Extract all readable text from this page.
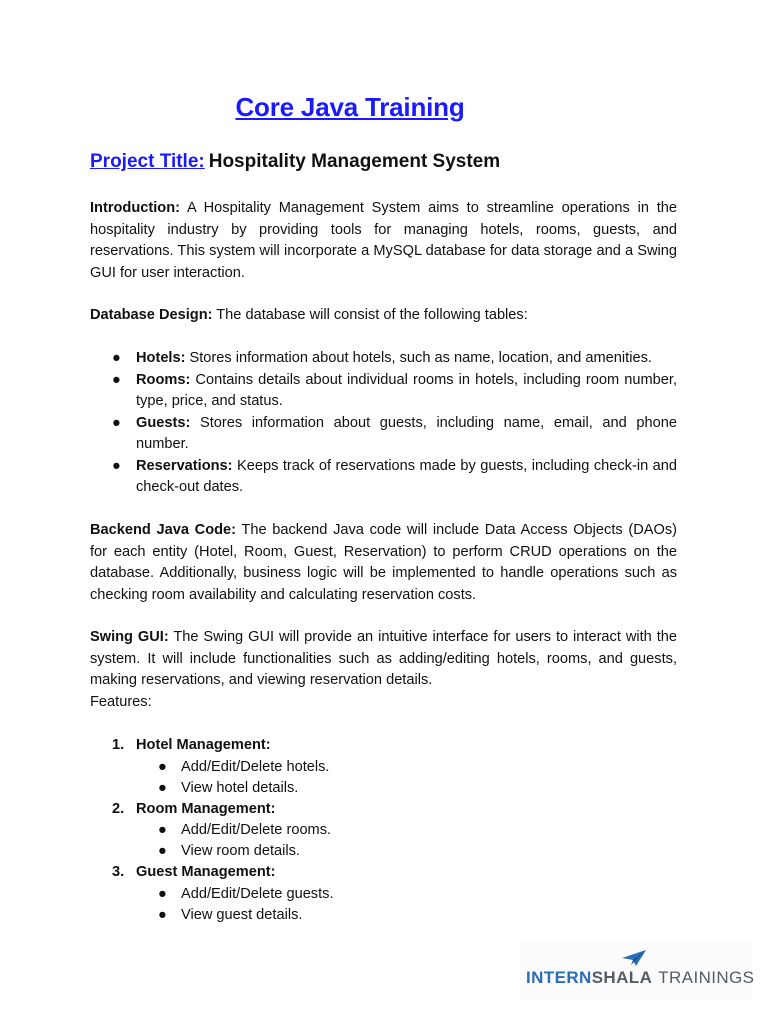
Core Java Training
Project Title: Hospitality Management System

Introduction: A Hospitality Management System aims to streamline operations in the hospitality industry by providing tools for managing hotels, rooms, guests, and reservations. This system will incorporate a MySQL database for data storage and a Swing GUI for user interaction.

Database Design: The database will consist of the following tables:

● Hotels: Stores information about hotels, such as name, location, and amenities.
● Rooms: Contains details about individual rooms in hotels, including room number, type, price, and status.
● Guests: Stores information about guests, including name, email, and phone number.
● Reservations: Keeps track of reservations made by guests, including check-in and check-out dates.

Backend Java Code: The backend Java code will include Data Access Objects (DAOs) for each entity (Hotel, Room, Guest, Reservation) to perform CRUD operations on the database. Additionally, business logic will be implemented to handle operations such as checking room availability and calculating reservation costs.

Swing GUI: The Swing GUI will provide an intuitive interface for users to interact with the system. It will include functionalities such as adding/editing hotels, rooms, and guests, making reservations, and viewing reservation details.

Features:
1. Hotel Management:
● Add/Edit/Delete hotels.
● View hotel details.
2. Room Management:
● Add/Edit/Delete rooms.
● View room details.
3. Guest Management:
● Add/Edit/Delete guests.
● View guest details.
INTERNSHALA TRAININGS
